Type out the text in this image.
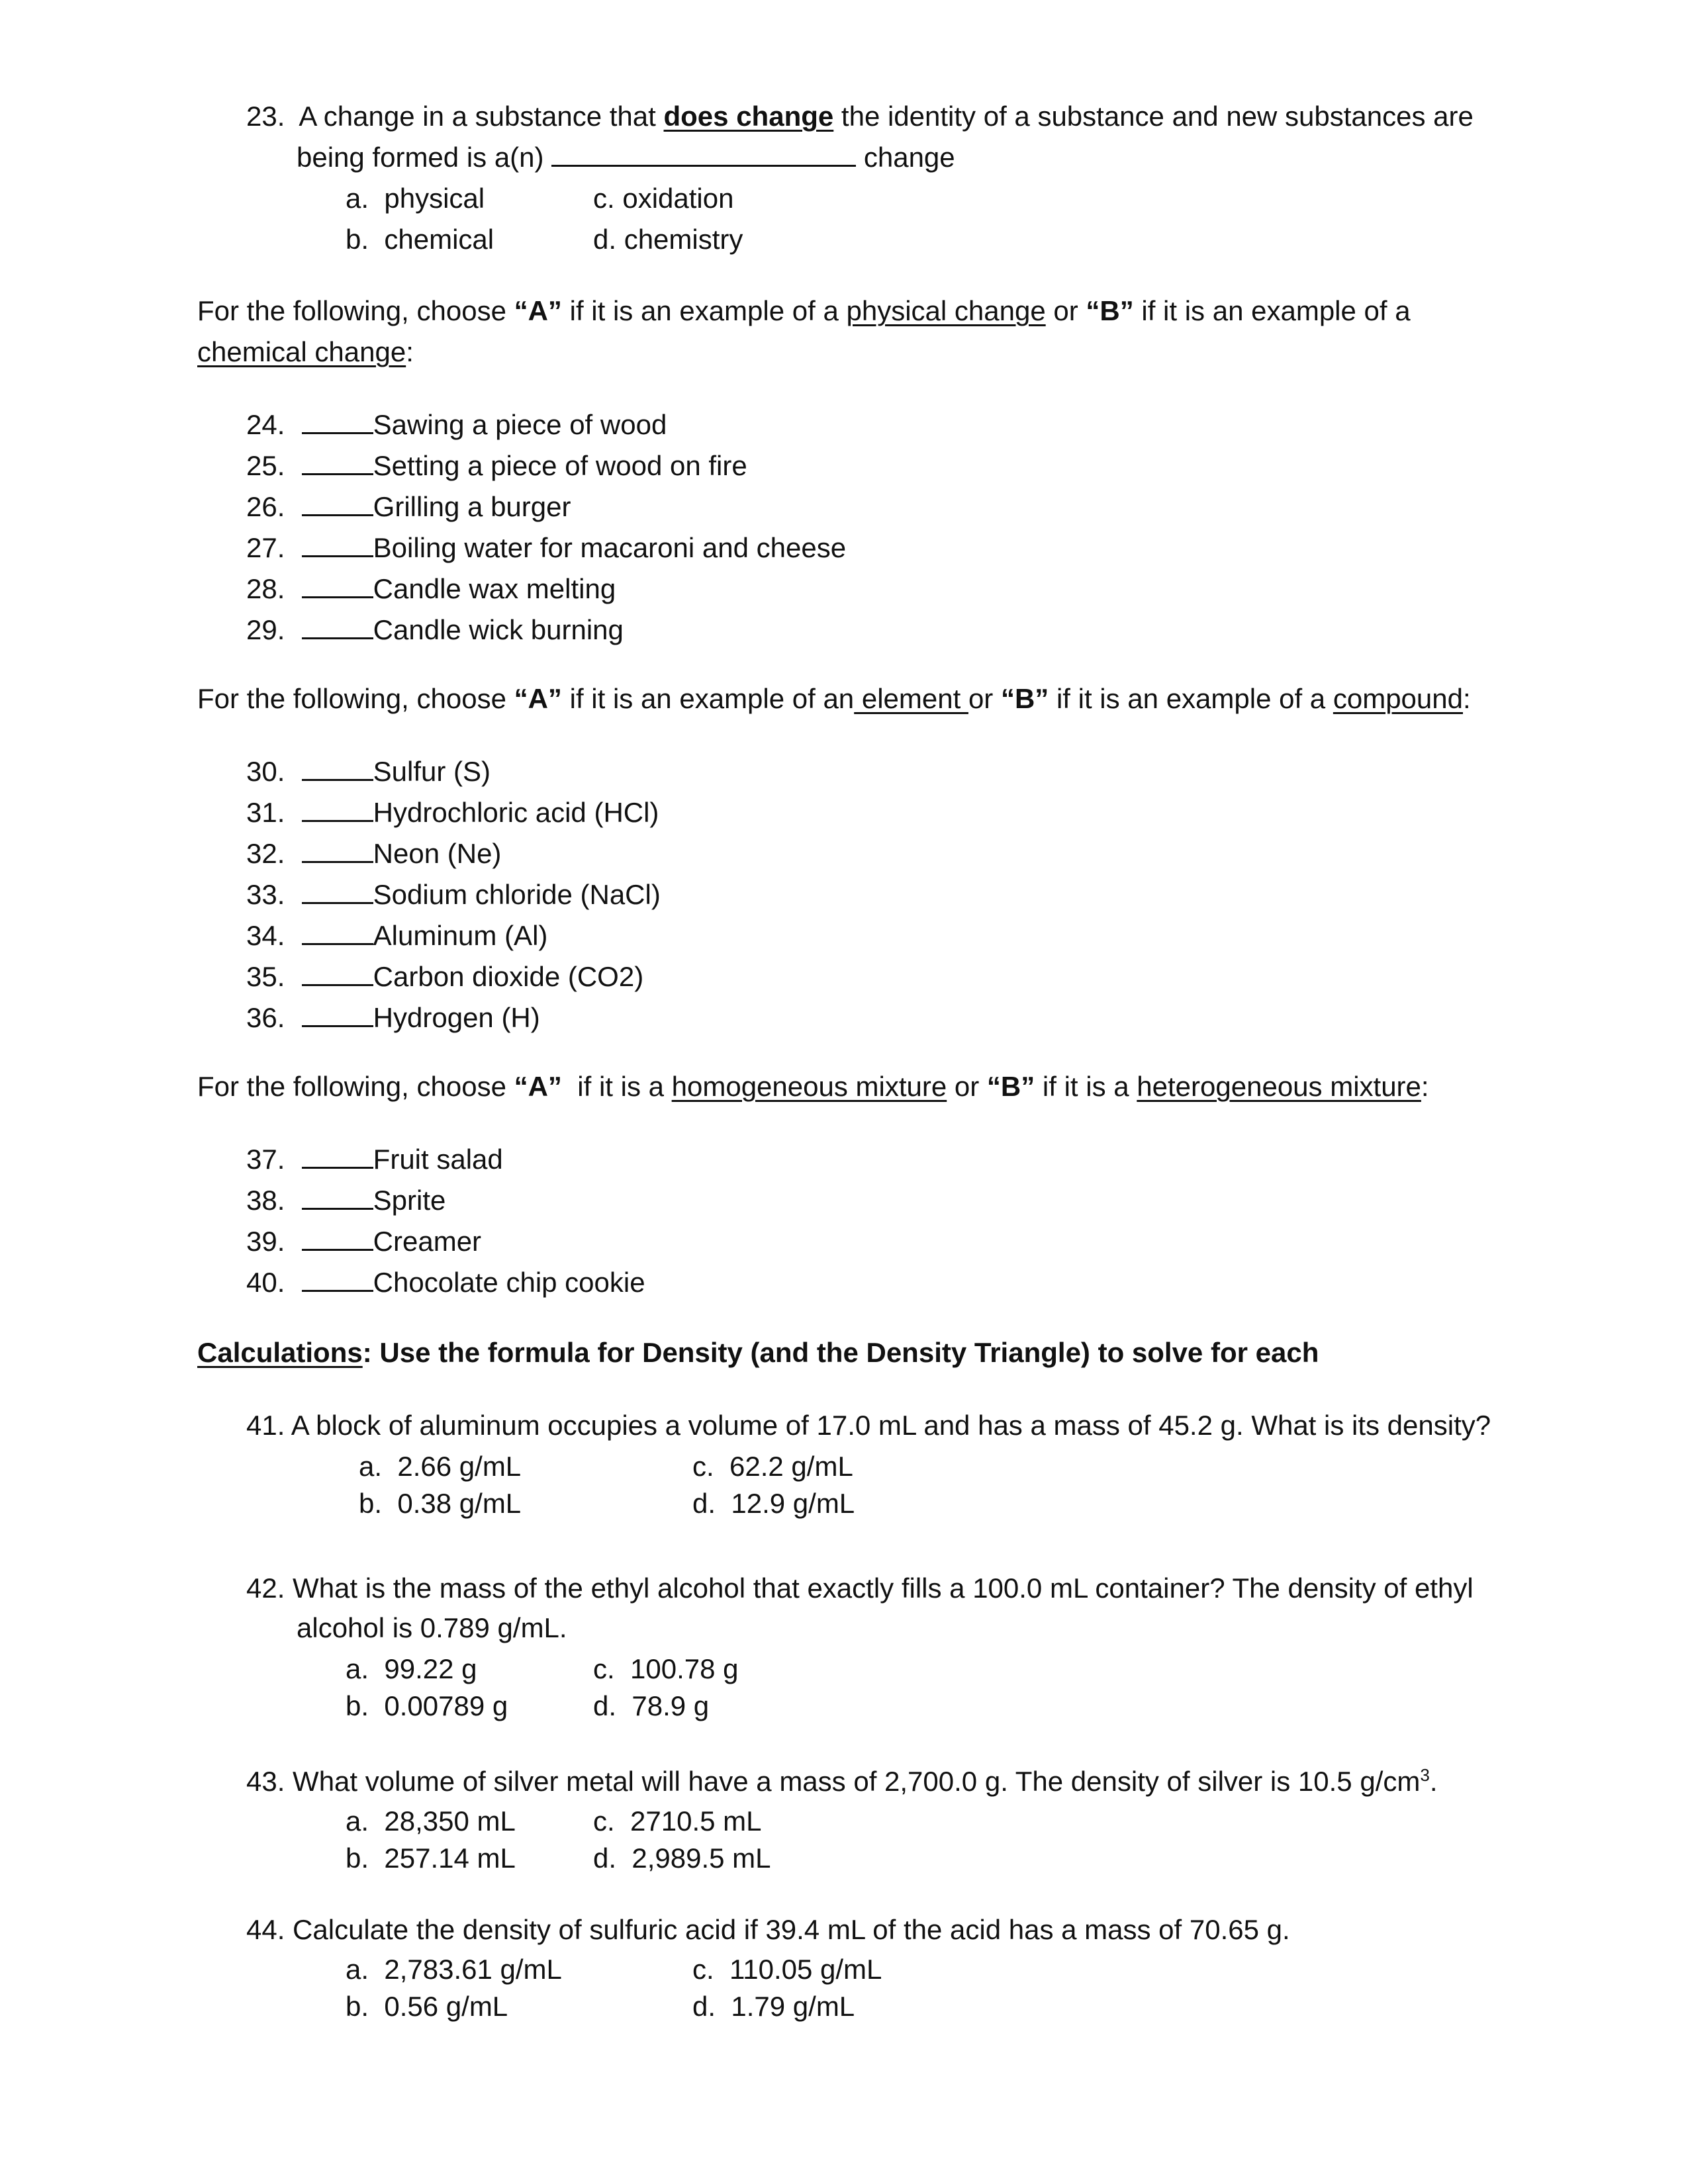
23. A change in a substance that does change the identity of a substance and new substances are
being formed is a(n)	change
a. physical	c. oxidation
b. chemical	d. chemistry
For the following, choose “A” if it is an example of a physical change or “B” if it is an example of a
chemical change:
24.	Sawing a piece of wood
25.	Setting a piece of wood on fire
26.	Grilling a burger
27.	Boiling water for macaroni and cheese
28.	Candle wax melting
29.	Candle wick burning
For the following, choose “A” if it is an example of an element or “B” if it is an example of a compound:
30.	Sulfur (S)
31.	Hydrochloric acid (HCl)
32.	Neon (Ne)
33.	Sodium chloride (NaCl)
34.	Aluminum (Al)
35.	Carbon dioxide (CO2)
36.	Hydrogen (H)
For the following, choose “A”  if it is a homogeneous mixture or “B” if it is a heterogeneous mixture:
37.	Fruit salad
38.	Sprite
39.	Creamer
40.	Chocolate chip cookie
Calculations: Use the formula for Density (and the Density Triangle) to solve for each
41. A block of aluminum occupies a volume of 17.0 mL and has a mass of 45.2 g. What is its density?
a. 2.66 g/mL	c. 62.2 g/mL
b. 0.38 g/mL	d. 12.9 g/mL
42. What is the mass of the ethyl alcohol that exactly fills a 100.0 mL container? The density of ethyl
alcohol is 0.789 g/mL.
a. 99.22 g	c. 100.78 g
b. 0.00789 g	d. 78.9 g
43. What volume of silver metal will have a mass of 2,700.0 g. The density of silver is 10.5 $g/cm^3$.
a. 28,350 mL	c. 2710.5 mL
b. 257.14 mL	d. 2,989.5 mL
44. Calculate the density of sulfuric acid if 39.4 mL of the acid has a mass of 70.65 g.
a. 2,783.61 g/mL	c. 110.05 g/mL
b. 0.56 g/mL	d. 1.79 g/mL
